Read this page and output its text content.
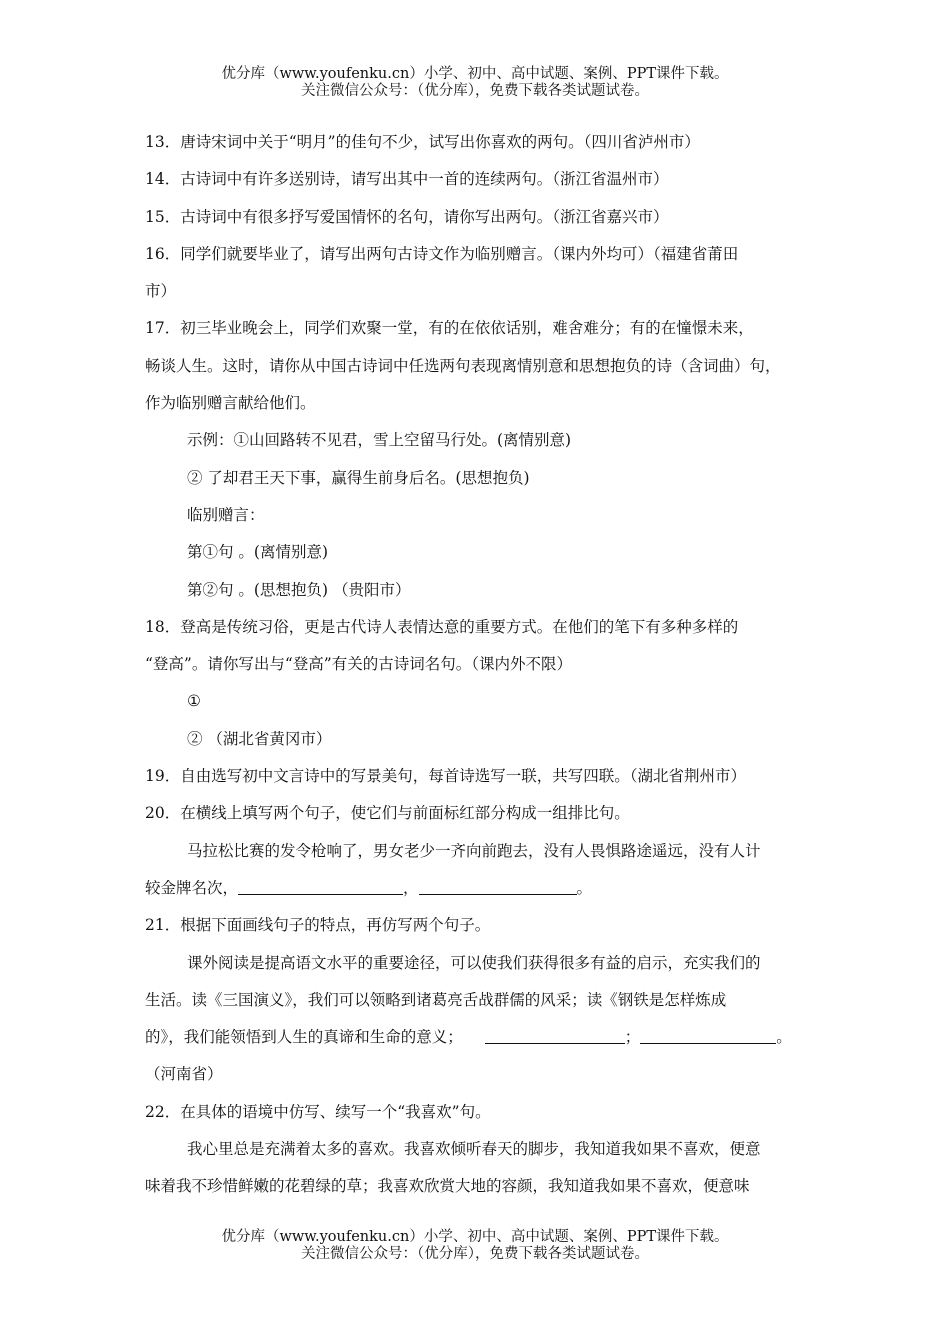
优分库（www.youfenku.cn）小学、初中、高中试题、案例、PPT课件下载。

关注微信公众号：（优分库），免费下载各类试题试卷。

13．唐诗宋词中关于“明月”的佳句不少，试写出你喜欢的两句。（四川省泸州市）
14．古诗词中有许多送别诗，请写出其中一首的连续两句。（浙江省温州市）
15．古诗词中有很多抒写爱国情怀的名句，请你写出两句。（浙江省嘉兴市）
16．同学们就要毕业了，请写出两句古诗文作为临别赠言。（课内外均可）（福建省莆田
市）
17．初三毕业晚会上，同学们欢聚一堂，有的在依依话别，难舍难分；有的在憧憬未来，
畅谈人生。这时，请你从中国古诗词中任选两句表现离情别意和思想抱负的诗（含词曲）句，
作为临别赠言献给他们。
示例：①山回路转不见君，雪上空留马行处。(离情别意)
② 了却君王天下事，赢得生前身后名。(思想抱负)
临别赠言：
第①句 。(离情别意)
第②句 。(思想抱负) （贵阳市）
18．登高是传统习俗，更是古代诗人表情达意的重要方式。在他们的笔下有多种多样的
“登高”。请你写出与“登高”有关的古诗词名句。（课内外不限）
①
② （湖北省黄冈市）
19．自由选写初中文言诗中的写景美句，每首诗选写一联，共写四联。（湖北省荆州市）
20．在横线上填写两个句子，使它们与前面标红部分构成一组排比句。
马拉松比赛的发令枪响了，男女老少一齐向前跑去，没有人畏惧路途遥远，没有人计
较金牌名次，	，	。
21．根据下面画线句子的特点，再仿写两个句子。
课外阅读是提高语文水平的重要途径，可以使我们获得很多有益的启示，充实我们的
生活。读《三国演义》，我们可以领略到诸葛亮舌战群儒的风采；读《钢铁是怎样炼成
的》，我们能领悟到人生的真谛和生命的意义；	；	。
（河南省）
22．在具体的语境中仿写、续写一个“我喜欢”句。
我心里总是充满着太多的喜欢。我喜欢倾听春天的脚步，我知道我如果不喜欢，便意
味着我不珍惜鲜嫩的花碧绿的草；我喜欢欣赏大地的容颜，我知道我如果不喜欢，便意味

优分库（www.youfenku.cn）小学、初中、高中试题、案例、PPT课件下载。

关注微信公众号：（优分库），免费下载各类试题试卷。
